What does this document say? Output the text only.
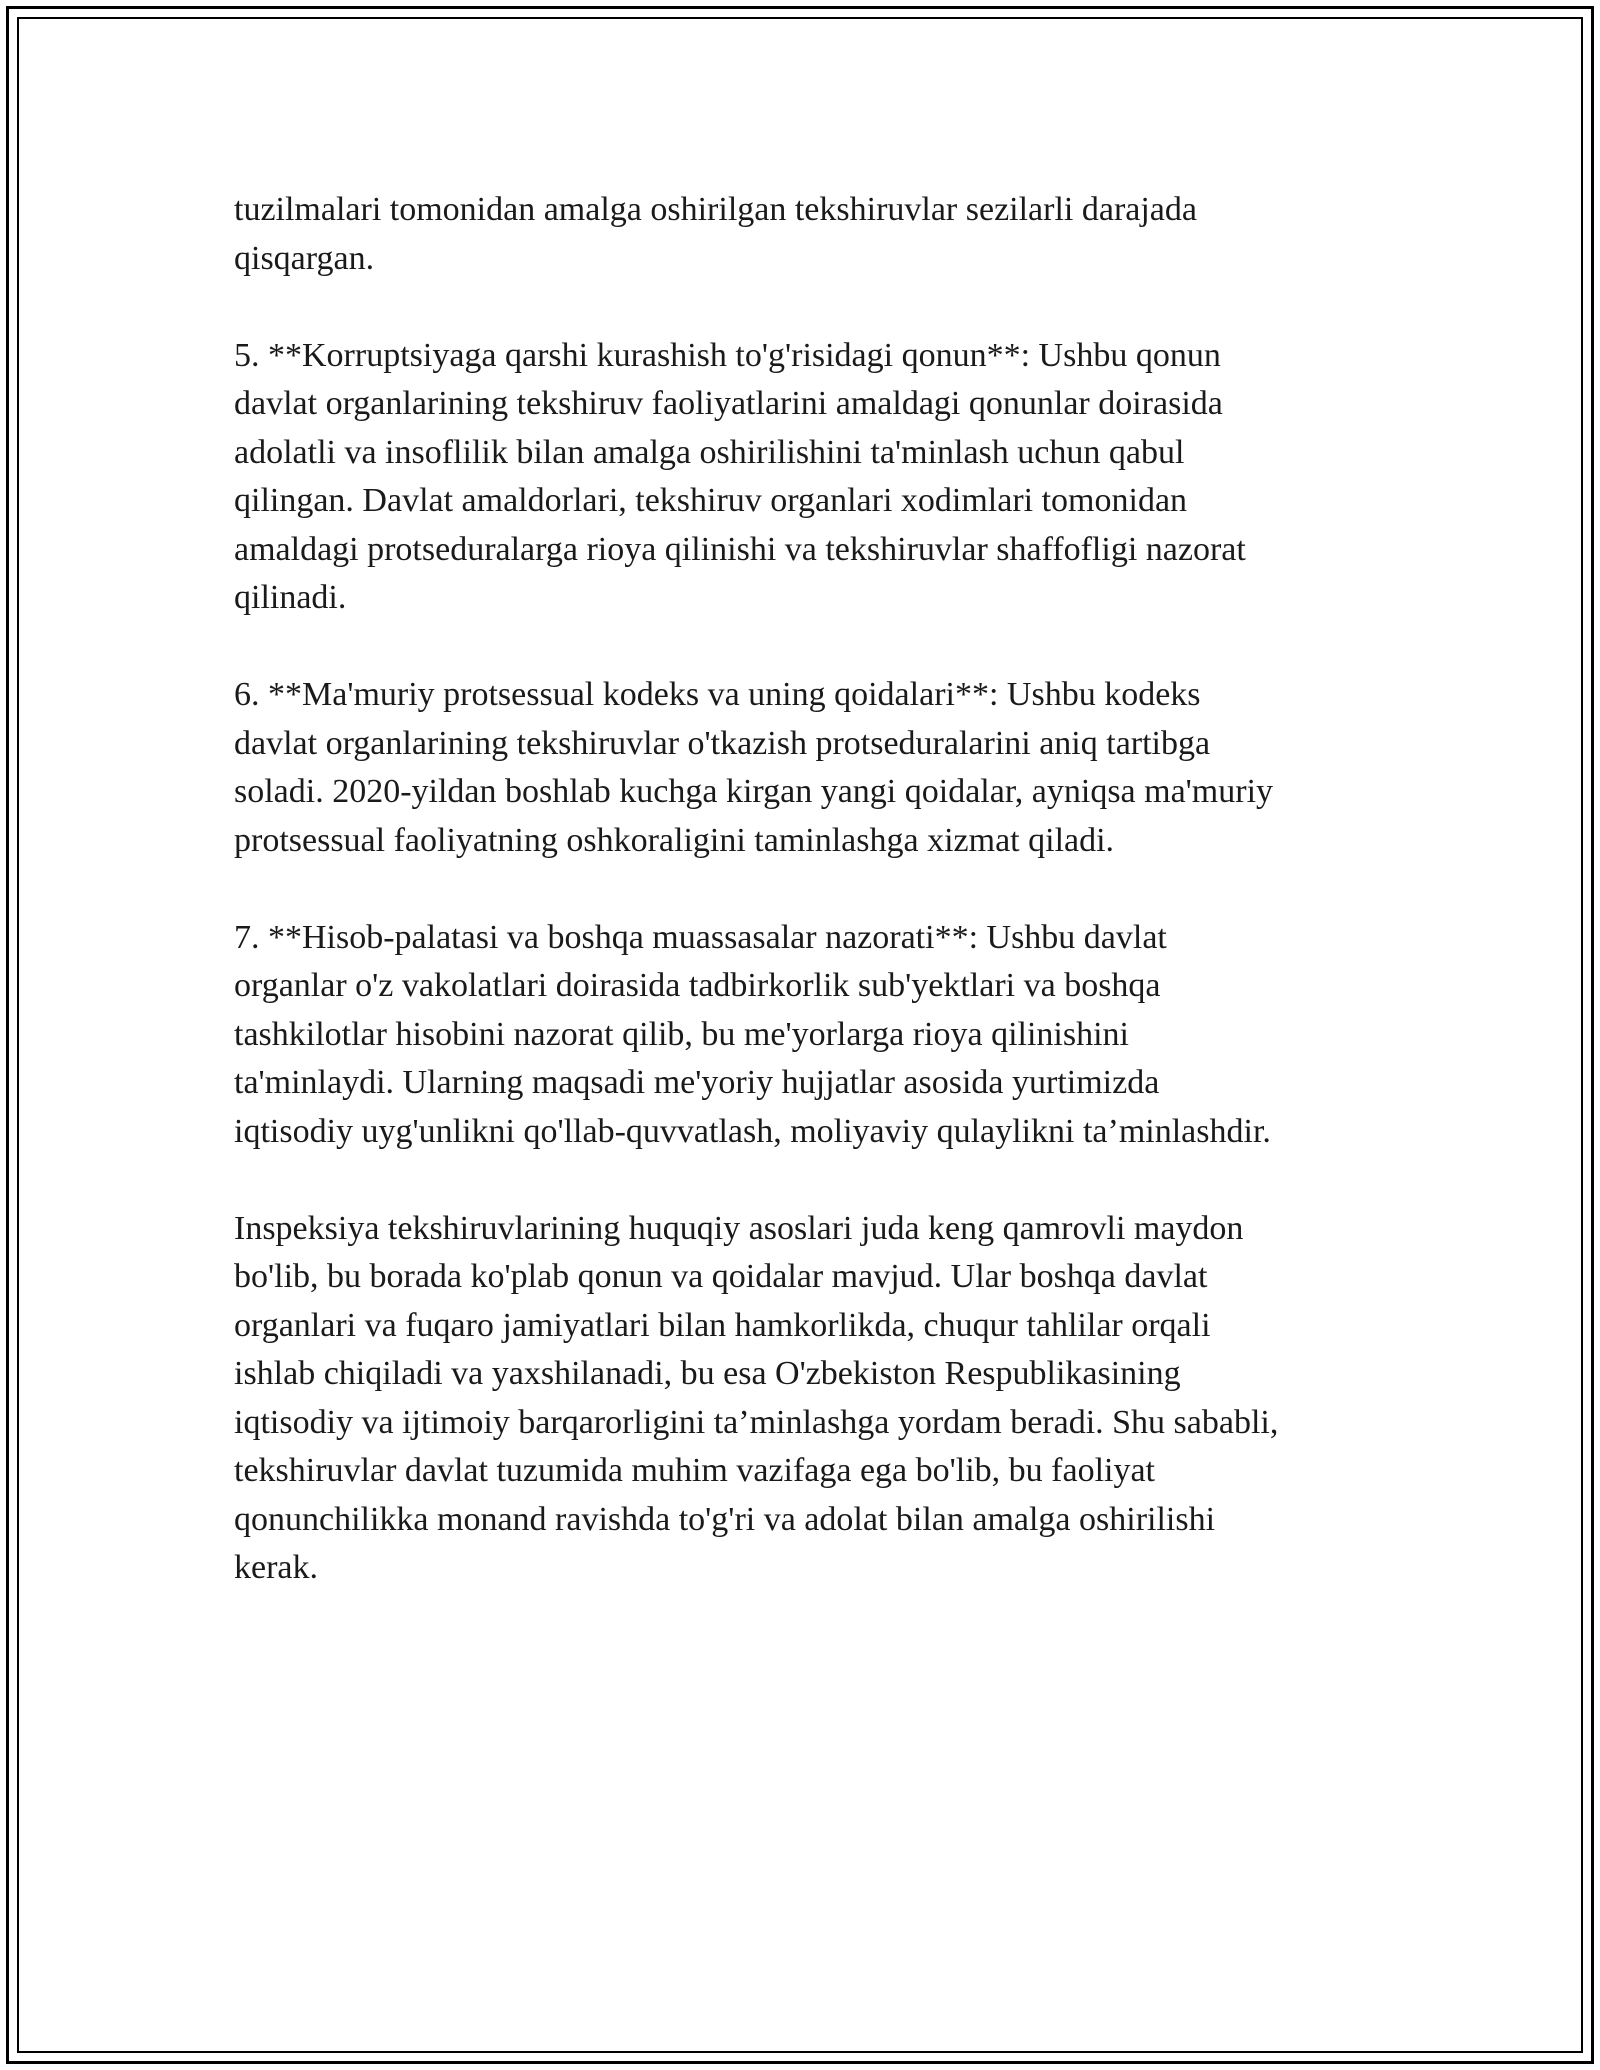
tuzilmalari tomonidan amalga oshirilgan tekshiruvlar sezilarli darajada
qisqargan.

5. **Korruptsiyaga qarshi kurashish to'g'risidagi qonun**: Ushbu qonun
davlat organlarining tekshiruv faoliyatlarini amaldagi qonunlar doirasida
adolatli va insoflilik bilan amalga oshirilishini ta'minlash uchun qabul
qilingan. Davlat amaldorlari, tekshiruv organlari xodimlari tomonidan
amaldagi protseduralarga rioya qilinishi va tekshiruvlar shaffofligi nazorat
qilinadi.

6. **Ma'muriy protsessual kodeks va uning qoidalari**: Ushbu kodeks
davlat organlarining tekshiruvlar o'tkazish protseduralarini aniq tartibga
soladi. 2020-yildan boshlab kuchga kirgan yangi qoidalar, ayniqsa ma'muriy
protsessual faoliyatning oshkoraligini taminlashga xizmat qiladi.

7. **Hisob-palatasi va boshqa muassasalar nazorati**: Ushbu davlat
organlar o'z vakolatlari doirasida tadbirkorlik sub'yektlari va boshqa
tashkilotlar hisobini nazorat qilib, bu me'yorlarga rioya qilinishini
ta'minlaydi. Ularning maqsadi me'yoriy hujjatlar asosida yurtimizda
iqtisodiy uyg'unlikni qo'llab-quvvatlash, moliyaviy qulaylikni ta’minlashdir.

Inspeksiya tekshiruvlarining huquqiy asoslari juda keng qamrovli maydon
bo'lib, bu borada ko'plab qonun va qoidalar mavjud. Ular boshqa davlat
organlari va fuqaro jamiyatlari bilan hamkorlikda, chuqur tahlilar orqali
ishlab chiqiladi va yaxshilanadi, bu esa O'zbekiston Respublikasining
iqtisodiy va ijtimoiy barqarorligini ta’minlashga yordam beradi. Shu sababli,
tekshiruvlar davlat tuzumida muhim vazifaga ega bo'lib, bu faoliyat
qonunchilikka monand ravishda to'g'ri va adolat bilan amalga oshirilishi
kerak.
